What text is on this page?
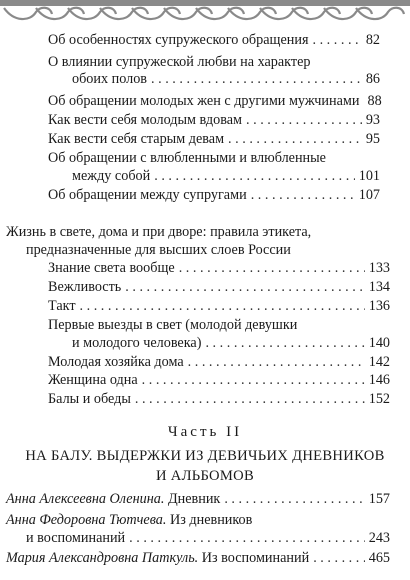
Об особенностях супружеского обращения . . .	82
О влиянии супружеской любви на характер
обоих полов . . .	86
Об обращении молодых жен с другими мужчинами 88
Как вести себя молодым вдовам . . .	93
Как вести себя старым девам . . .	95
Об обращении с влюбленными и влюбленные
между собой . . .	101
Об обращении между супругами . . .	107
Жизнь в свете, дома и при дворе: правила этикета,
предназначенные для высших слоев России
Знание света вообще . . .	133
Вежливость . . .	134
Такт . . .	136
Первые выезды в свет (молодой девушки
и молодого человека) . . .	140
Молодая хозяйка дома . . .	142
Женщина одна . . .	146
Балы и обеды . . .	152
Часть II
НА БАЛУ. ВЫДЕРЖКИ ИЗ ДЕВИЧЬИХ ДНЕВНИКОВ
И АЛЬБОМОВ
Анна Алексеевна Оленина. Дневник . . .	157
Анна Федоровна Тютчева. Из дневников
и воспоминаний . . .	243
Мария Александровна Паткуль. Из воспоминаний . . .	465
